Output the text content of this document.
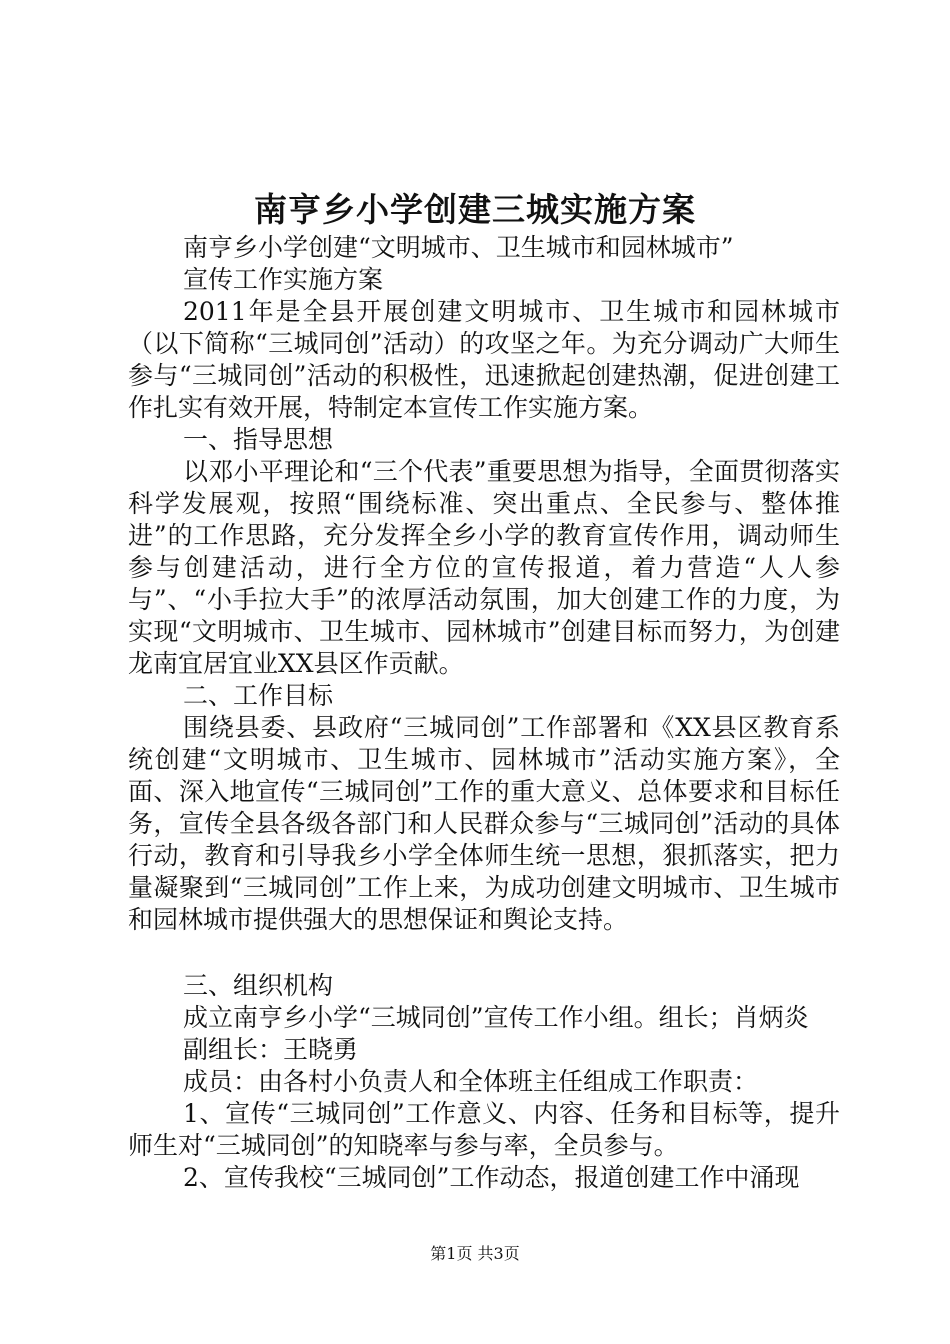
南亨乡小学创建三城实施方案

南亨乡小学创建“文明城市、卫生城市和园林城市”

宣传工作实施方案

2011年是全县开展创建文明城市、卫生城市和园林城市（以下简称“三城同创”活动）的攻坚之年。为充分调动广大师生参与“三城同创”活动的积极性，迅速掀起创建热潮，促进创建工作扎实有效开展，特制定本宣传工作实施方案。

一、指导思想

以邓小平理论和“三个代表”重要思想为指导，全面贯彻落实科学发展观，按照“围绕标准、突出重点、全民参与、整体推进”的工作思路，充分发挥全乡小学的教育宣传作用，调动师生参与创建活动，进行全方位的宣传报道，着力营造“人人参与”、“小手拉大手”的浓厚活动氛围，加大创建工作的力度，为实现“文明城市、卫生城市、园林城市”创建目标而努力，为创建龙南宜居宜业XX县区作贡献。

二、工作目标

围绕县委、县政府“三城同创”工作部署和《XX县区教育系统创建“文明城市、卫生城市、园林城市”活动实施方案》，全面、深入地宣传“三城同创”工作的重大意义、总体要求和目标任务，宣传全县各级各部门和人民群众参与“三城同创”活动的具体行动，教育和引导我乡小学全体师生统一思想，狠抓落实，把力量凝聚到“三城同创”工作上来，为成功创建文明城市、卫生城市和园林城市提供强大的思想保证和舆论支持。

三、组织机构

成立南亨乡小学“三城同创”宣传工作小组。组长；肖炳炎

副组长：王晓勇

成员：由各村小负责人和全体班主任组成工作职责：

1、宣传“三城同创”工作意义、内容、任务和目标等，提升师生对“三城同创”的知晓率与参与率，全员参与。

2、宣传我校“三城同创”工作动态，报道创建工作中涌现

第1页 共3页
